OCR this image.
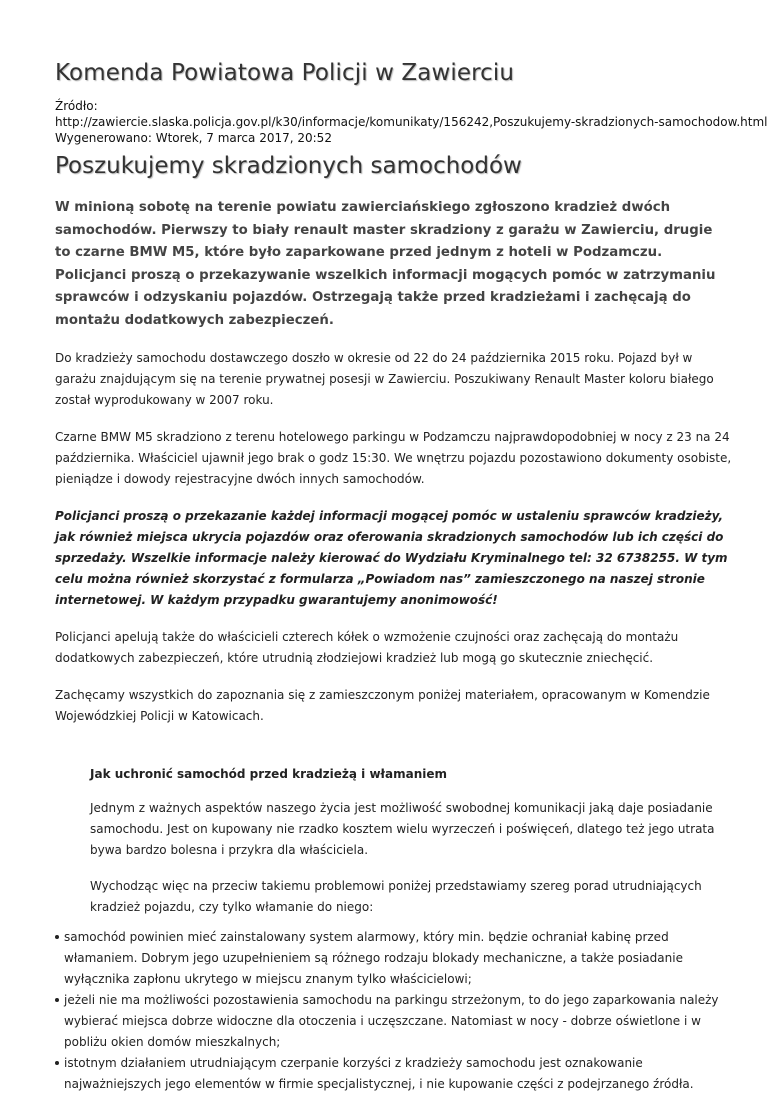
Komenda Powiatowa Policji w Zawierciu
Źródło:
http://zawiercie.slaska.policja.gov.pl/k30/informacje/komunikaty/156242,Poszukujemy-skradzionych-samochodow.html
Wygenerowano: Wtorek, 7 marca 2017, 20:52
Poszukujemy skradzionych samochodów

W minioną sobotę na terenie powiatu zawierciańskiego zgłoszono kradzież dwóch samochodów. Pierwszy to biały renault master skradziony z garażu w Zawierciu, drugie to czarne BMW M5, które było zaparkowane przed jednym z hoteli w Podzamczu. Policjanci proszą o przekazywanie wszelkich informacji mogących pomóc w zatrzymaniu sprawców i odzyskaniu pojazdów. Ostrzegają także przed kradzieżami i zachęcają do montażu dodatkowych zabezpieczeń.

Do kradzieży samochodu dostawczego doszło w okresie od 22 do 24 października 2015 roku. Pojazd był w garażu znajdującym się na terenie prywatnej posesji w Zawierciu. Poszukiwany Renault Master koloru białego został wyprodukowany w 2007 roku.

Czarne BMW M5 skradziono z terenu hotelowego parkingu w Podzamczu najprawdopodobniej w nocy z 23 na 24 października. Właściciel ujawnił jego brak o godz 15:30. We wnętrzu pojazdu pozostawiono dokumenty osobiste, pieniądze i dowody rejestracyjne dwóch innych samochodów.

Policjanci proszą o przekazanie każdej informacji mogącej pomóc w ustaleniu sprawców kradzieży, jak również miejsca ukrycia pojazdów oraz oferowania skradzionych samochodów lub ich części do sprzedaży. Wszelkie informacje należy kierować do Wydziału Kryminalnego tel: 32 6738255. W tym celu można również skorzystać z formularza „Powiadom nas” zamieszczonego na naszej stronie internetowej. W każdym przypadku gwarantujemy anonimowość!

Policjanci apelują także do właścicieli czterech kółek o wzmożenie czujności oraz zachęcają do montażu dodatkowych zabezpieczeń, które utrudnią złodziejowi kradzież lub mogą go skutecznie zniechęcić.

Zachęcamy wszystkich do zapoznania się z zamieszczonym poniżej materiałem, opracowanym w Komendzie Wojewódzkiej Policji w Katowicach.

Jak uchronić samochód przed kradzieżą i włamaniem

Jednym z ważnych aspektów naszego życia jest możliwość swobodnej komunikacji jaką daje posiadanie samochodu. Jest on kupowany nie rzadko kosztem wielu wyrzeczeń i poświęceń, dlatego też jego utrata bywa bardzo bolesna i przykra dla właściciela.

Wychodząc więc na przeciw takiemu problemowi poniżej przedstawiamy szereg porad utrudniających kradzież pojazdu, czy tylko włamanie do niego:

samochód powinien mieć zainstalowany system alarmowy, który min. będzie ochraniał kabinę przed włamaniem. Dobrym jego uzupełnieniem są różnego rodzaju blokady mechaniczne, a także posiadanie wyłącznika zapłonu ukrytego w miejscu znanym tylko właścicielowi;
jeżeli nie ma możliwości pozostawienia samochodu na parkingu strzeżonym, to do jego zaparkowania należy wybierać miejsca dobrze widoczne dla otoczenia i uczęszczane. Natomiast w nocy - dobrze oświetlone i w pobliżu okien domów mieszkalnych;
istotnym działaniem utrudniającym czerpanie korzyści z kradzieży samochodu jest oznakowanie najważniejszych jego elementów w firmie specjalistycznej, i nie kupowanie części z podejrzanego źródła.
